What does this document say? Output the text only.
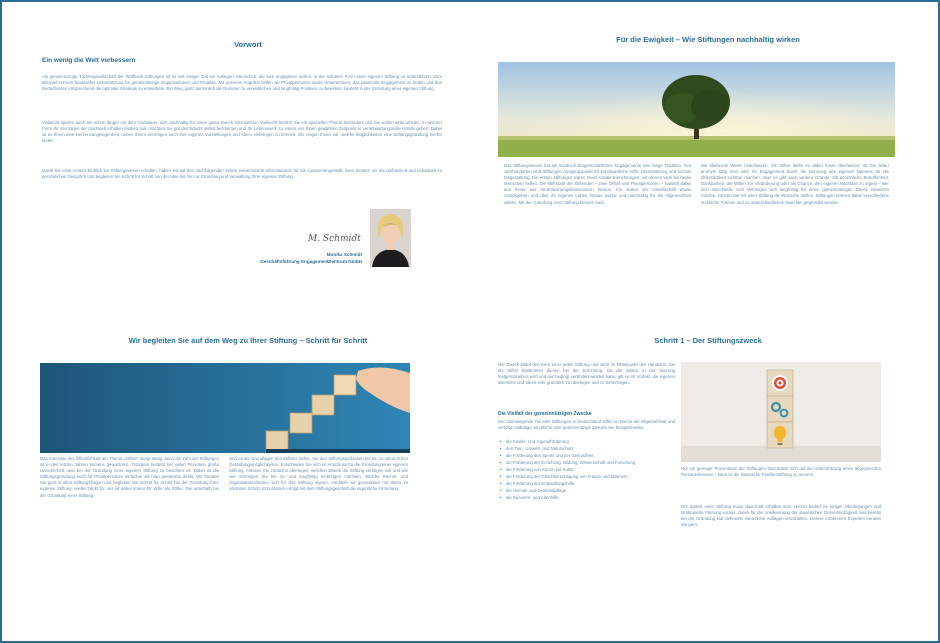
Vorwort
Ein wenig die Welt verbessern

Als gemeinnützige Tochtergesellschaft der Wölfbank-Stiftungen ist es seit einiger Zeit ein Anliegen, Menschen, die sich engagieren wollen, in der schönen Form einer eigenen Stiftung zu unterstützen. Zum Beispiel in Form finanzieller Unterstützung für gemeinnützige Organisationen und Projekte. Mit unserem Angebot helfen wir Privatpersonen sowie Unternehmen, das passende Engagement zu finden und den Bedürfnissen entsprechend die optimale Strategie zu entwickeln. Ein Weg, ganz persönlich die Nummer zu verwirklichen und langfristig Positives zu bewirken, besteht in der Gründung einer eigenen Stiftung.

Vielleicht spielen auch Sie schon länger mit dem Gedanken, sich nachhaltig für einen guten Zweck einzusetzen. Vielleicht berührt Sie ein spezielles Thema besonders und Sie wollen aktiv werden. In welcher Form Ihr Vermögen der Nachwelt erhalten bleiben soll, möchten Sie gut durchdacht selbst bestimmen und Ihr Lebenswerk zu einem von Ihnen gewählten Zeitpunkt in verantwortungsvolle Hände geben. Dabei ist es Ihnen eine Herzensangelegenheit, neben Ihrem Vermögen auch Ihre eigenen Vorstellungen und Ideen einbringen zu können. Wir zeigen Ihnen auf, welche Möglichkeiten eine Stiftungsgründung hierfür bietet.

Damit Sie einen ersten Einblick ins Stiftungswesen erhalten, haben wir auf den nachfolgenden Seiten wissenswerte Informationen für Sie zusammengestellt. Gern beraten wir Sie umfassend und individuell im persönlichen Gespräch und begleiten Sie Schritt für Schritt von der Idee bis hin zur Gründung und Verwaltung Ihrer eigenen Stiftung.

M. Schmidt
Monika Schmidt
Geschäftsführung EngagementZentrum GmbH
Für die Ewigkeit – Wie Stiftungen nachhaltig wirken

Das Stiftungswesen hat als Ausdruck bürgerschaftlichen Engagements eine lange Tradition. Seit Jahrhunderten sind Stiftungen Ausgangspunkt für kontinuierliche Hilfe, Unterstützung und soziale Mitgestaltung. Die ersten Stiftungen waren meist soziale Einrichtungen, von denen viele bis heute Menschen helfen. Die Mehrzahl der Stiftenden – zwei Drittel sind Privatpersonen – handelt dabei aus heute aus Verantwortungsbewusstsein heraus. Sie wollen der Gesellschaft etwas zurückgeben und über ihr eigenes Leben hinaus positiv und nachhaltig für die Allgemeinheit wirken. Mit der Gründung einer Stiftung können auch

Sie bleibende Werte hinterlassen. Als Stifter bleibt es dabei Ihnen überlassen, ob Sie lieber anonym tätig sind oder Ihr Engagement durch die Nennung des eigenen Namens für die Öffentlichkeit sichtbar machen. Aber es gibt auch weitere Gründe. Ob persönliche Betroffenheit, Dankbarkeit, der Willen zur Veränderung oder als Chance, den eigenen Nachlass zu regeln – wer sich entschließt, sein Vermögen sich langfristig für einen gemeinnützigen Zweck einsetzen möchte, können Sie mit einer Stiftung die Wünsche stellen. Stiftungen können dabei verschiedene rechtliche Formen und zu unterschiedlichen Zwecken gegründet werden.

Wir begleiten Sie auf dem Weg zu Ihrer Stiftung – Schritt für Schritt

Das Interesse der Öffentlichkeit am Thema „Stiften“ steigt stetig, auch die Zahl der Stiftungen ist in den letzten Jahren immens gewachsen. Trotzdem besteht bei vielen Personen große Unsicherheit, was bei der Gründung einer eigenen Stiftung zu beachten ist. Dabei ist die Stiftungsgründung auch für Privatpersonen einfacher als man gemeinhin denkt. Wir beraten Sie gern in allen Stiftungsfragen und begleiten Sie Schritt für Schritt bei der Gründung Ihrer eigenen Stiftung. Hiebei blickt für uns ist dabei immer Ihr Wille als Stifter. Die unterhalb bei der Gründung einer Stiftung.

sind es die Grundlagen des Stiftens rather. Sie den Stiftungsgedanken bis hin zu steuerlichen Gestaltungsmöglichkeiten. Entscheiden Sie sich im Anschluss für die Gründung einer eigenen Stiftung, müssen Sie zunächst überlegen, welchen Zweck die Stiftung verfolgen soll und wie viel Vermögen Sie bis zu- und langfristig einbringen möchten. Welche Rechts- und Organisationsformen sich für Ihre Stiftung eignen, ermitteln wir gemeinsam mit Ihnen im nächsten Schritt. Erst danach erfolgt mit dem Stiftungsgeschäft die eigentliche Gründung.

Schritt 1 – Der Stiftungszweck

Der Zweck bildet den Kern einer jeden Stiftung und steht im Mittelpunkt des Handelns. Sie als Stifter bestimmen diesen bei der Errichtung. Da der Zweck in der Satzung festgeschrieben wird und nur bedingt verändert werden kann, gilt es im Vorfeld, die eigenen Wünsche und Ideen sehr gründlich zu überlegen und zu hinterfragen.

Die Vielfalt der gemeinnützigen Zwecke

Der überwiegende Teil aller Stiftungen in Deutschland stiftet im Dienst der Allgemeinheit und verfolgt mildtätige, kirchliche oder gemeinnützige Zwecke wie beispielsweise

• die Kinder- und Jugendförderung
• den Tier-, Umwelt- und Naturschutz
• die Förderung des Sports und der Gesundheit
• die Förderung der Erziehung, Bildung, Wissenschaft und Forschung
• die Förderung von Kunst und Kultur
• die Förderung der Gleichberechtigung von Frauen und Männern
• die Förderung der Entwicklungshilfe
• die Heimat- und Denkmalpflege
• die Senioren- und Altenhilfe.

Nur ein geringer Prozentsatz der Stiftungen beschränkt sich auf die Unterstützung eines abgegrenzten Personenkreises – kann ist die klassische Familienstiftung zu nennen.

Der Zweck einer Stiftung muss dauerhaft erfüllbar sein. Hierzu bedarf es einiger Überlegungen und strukturierte Planung voraus. Diese für die Anerkennung der steuerlichen Gemeinnützigkeit sind bereits bei der Gründung klar definierte steuerliche Auflagen einzuhalten. Unsere erfahrenen Experten beraten Sie gern.
